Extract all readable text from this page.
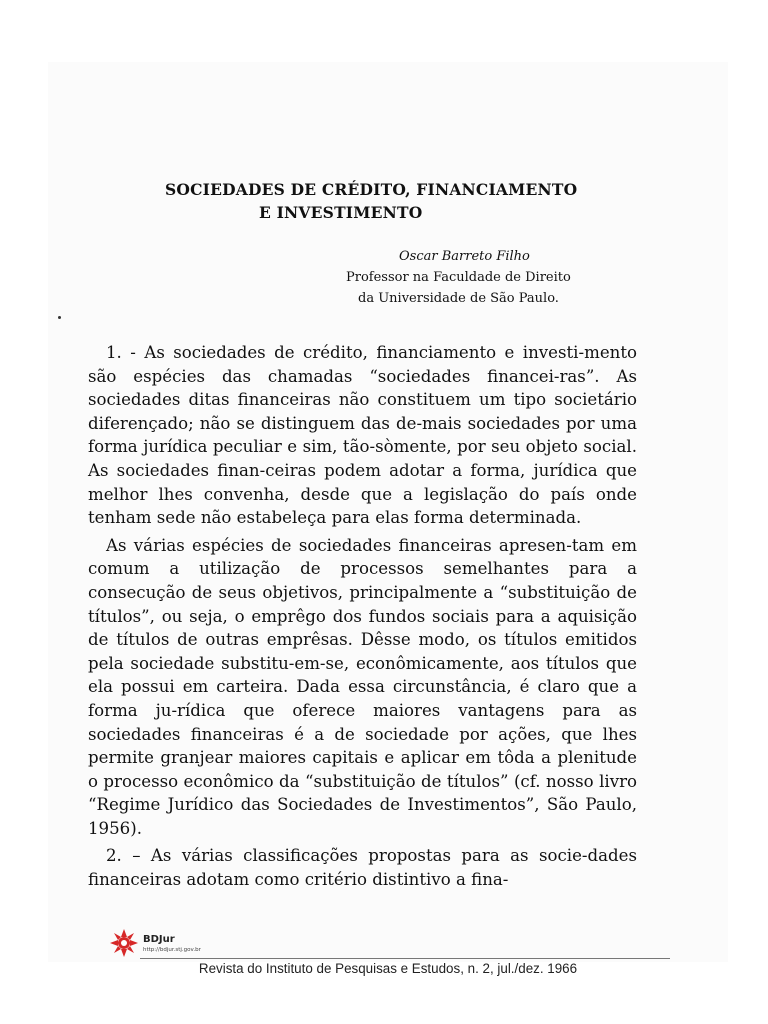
SOCIEDADES DE CRÉDITO, FINANCIAMENTO
E INVESTIMENTO
Oscar Barreto Filho
Professor na Faculdade de Direito
da Universidade de São Paulo.

1. - As sociedades de crédito, financiamento e investi-mento são espécies das chamadas “sociedades financei-ras”. As sociedades ditas financeiras não constituem um tipo societário diferençado; não se distinguem das de-mais sociedades por uma forma jurídica peculiar e sim, tão-sòmente, por seu objeto social. As sociedades finan-ceiras podem adotar a forma, jurídica que melhor lhes convenha, desde que a legislação do país onde tenham sede não estabeleça para elas forma determinada.

As várias espécies de sociedades financeiras apresen-tam em comum a utilização de processos semelhantes para a consecução de seus objetivos, principalmente a “substituição de títulos”, ou seja, o emprêgo dos fundos sociais para a aquisição de títulos de outras emprêsas. Dêsse modo, os títulos emitidos pela sociedade substitu-em-se, econômicamente, aos títulos que ela possui em carteira. Dada essa circunstância, é claro que a forma ju-rídica que oferece maiores vantagens para as sociedades financeiras é a de sociedade por ações, que lhes permite granjear maiores capitais e aplicar em tôda a plenitude o processo econômico da “substituição de títulos” (cf. nosso livro “Regime Jurídico das Sociedades de Investimentos”, São Paulo, 1956).

2. – As várias classificações propostas para as socie-dades financeiras adotam como critério distintivo a fina-

BDJur
http://bdjur.stj.gov.br
Revista do Instituto de Pesquisas e Estudos, n. 2, jul./dez. 1966
